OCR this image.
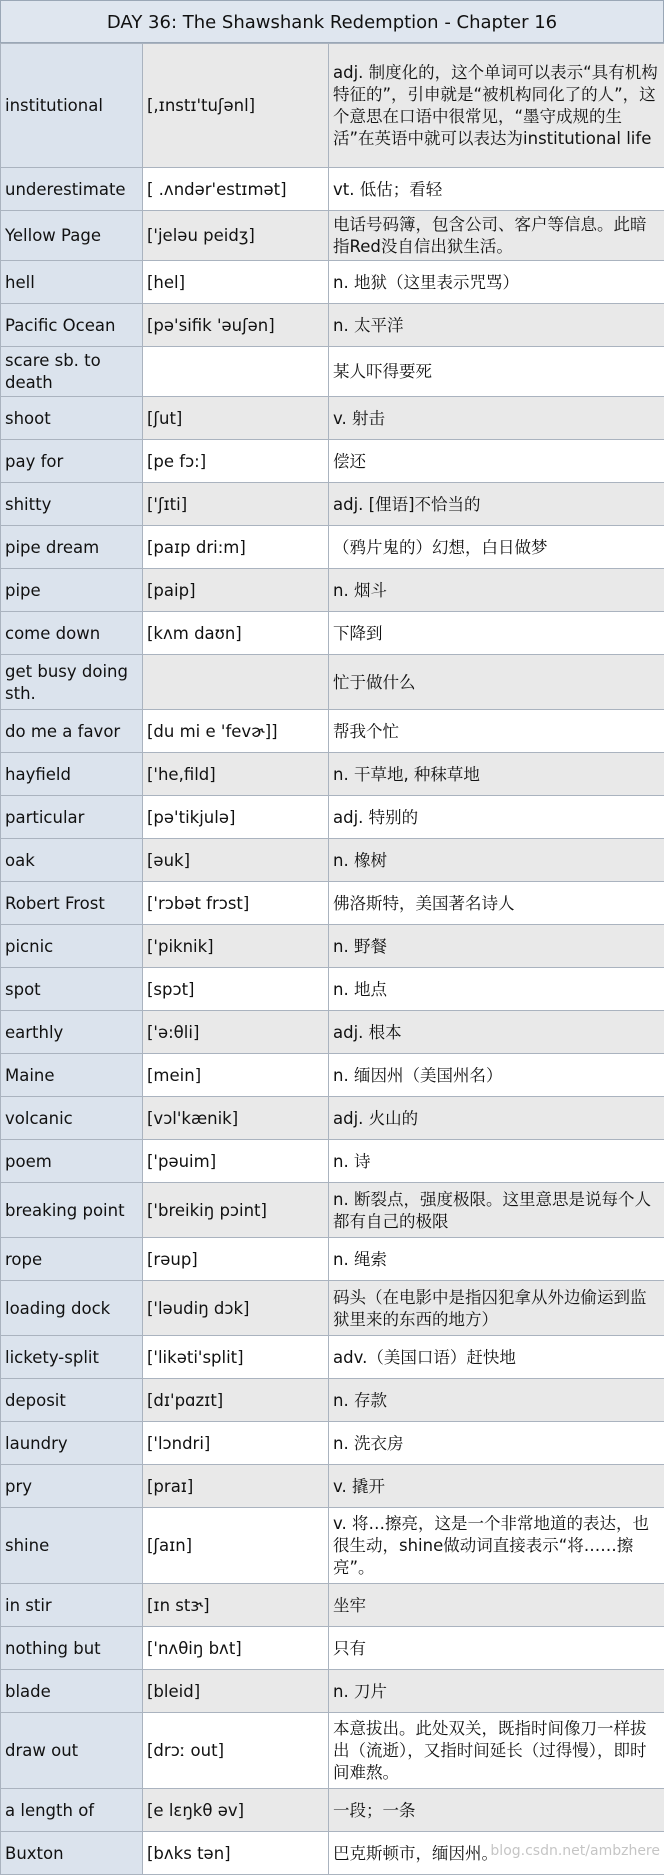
DAY 36: The Shawshank Redemption - Chapter 16
institutional	[,ɪnstɪ'tuʃənl]	adj. 制度化的，这个单词可以表示“具有机构特征的”，引申就是“被机构同化了的人”，这个意思在口语中很常见，“墨守成规的生活”在英语中就可以表达为institutional life
underestimate	[ .ʌndər'estɪmət]	vt. 低估；看轻
Yellow Page	['jeləu peidʒ]	电话号码簿，包含公司、客户等信息。此暗指Red没自信出狱生活。
hell	[hel]	n. 地狱（这里表示咒骂）
Pacific Ocean	[pə'sifik 'əuʃən]	n. 太平洋
scare sb. to death		某人吓得要死
shoot	[ʃut]	v. 射击
pay for	[pe fɔ:]	偿还
shitty	['ʃɪti]	adj. [俚语]不恰当的
pipe dream	[paɪp dri:m]	（鸦片鬼的）幻想，白日做梦
pipe	[paip]	n. 烟斗
come down	[kʌm daʊn]	下降到
get busy doing sth.		忙于做什么
do me a favor	[du mi e 'fevɚ]]	帮我个忙
hayfield	['he,fild]	n. 干草地, 种秣草地
particular	[pə'tikjulə]	adj. 特别的
oak	[əuk]	n. 橡树
Robert Frost	['rɔbət frɔst]	佛洛斯特，美国著名诗人
picnic	['piknik]	n. 野餐
spot	[spɔt]	n. 地点
earthly	['ə:θli]	adj. 根本
Maine	[mein]	n. 缅因州（美国州名）
volcanic	[vɔl'kænik]	adj. 火山的
poem	['pəuim]	n. 诗
breaking point	['breikiŋ pɔint]	n. 断裂点，强度极限。这里意思是说每个人都有自己的极限
rope	[rəup]	n. 绳索
loading dock	['ləudiŋ dɔk]	码头（在电影中是指囚犯拿从外边偷运到监狱里来的东西的地方）
lickety-split	['likəti'split]	adv.（美国口语）赶快地
deposit	[dɪ'pɑzɪt]	n. 存款
laundry	['lɔndri]	n. 洗衣房
pry	[praɪ]	v. 撬开
shine	[ʃaɪn]	v. 将…擦亮，这是一个非常地道的表达，也很生动，shine做动词直接表示“将……擦亮”。
in stir	[ɪn stɝ]	坐牢
nothing but	['nʌθiŋ bʌt]	只有
blade	[bleid]	n. 刀片
draw out	[drɔː out]	本意拔出。此处双关，既指时间像刀一样拔出（流逝），又指时间延长（过得慢），即时间难熬。
a length of	[e lɛŋkθ əv]	一段；一条
Buxton	[bʌks tən]	巴克斯顿市，缅因州。
blog.csdn.net/ambzhere
